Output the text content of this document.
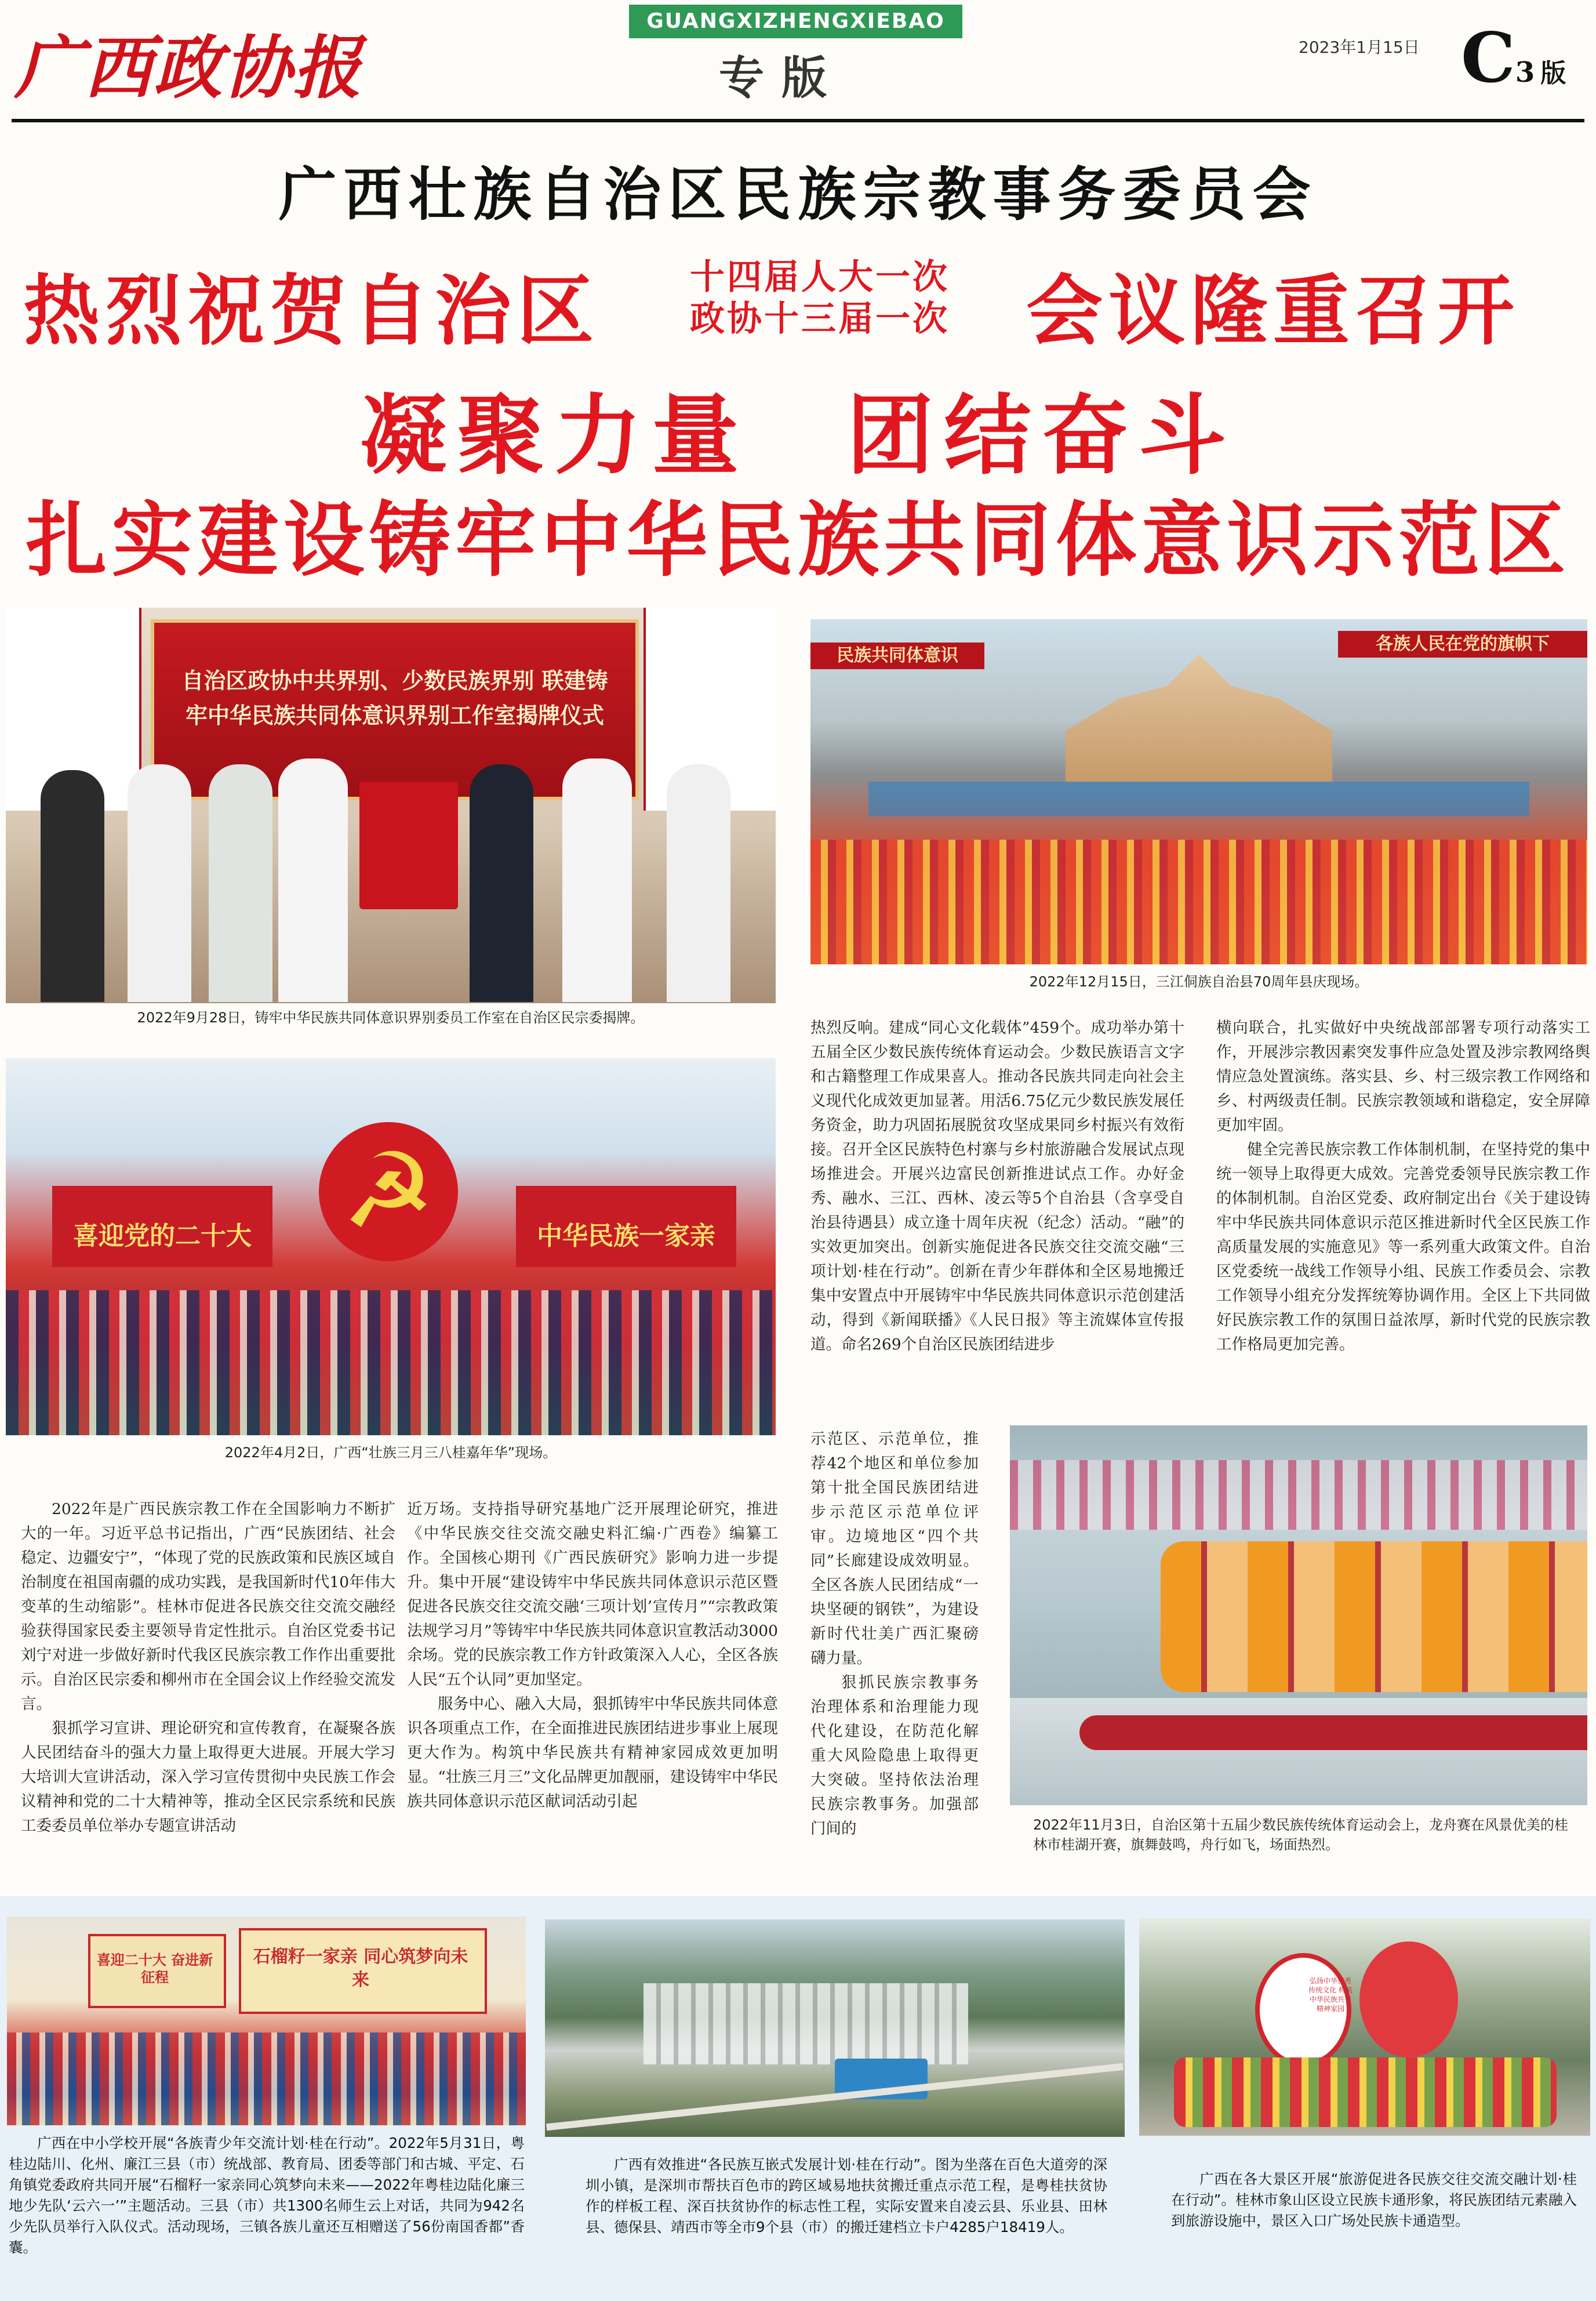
广西政协报
GUANGXIZHENGXIEBAO
专版
2023年1月15日 C3 版
广西壮族自治区民族宗教事务委员会
热烈祝贺自治区	十四届人大一次
政协十三届一次 会议隆重召开
凝聚力量　团结奋斗
扎实建设铸牢中华民族共同体意识示范区
自治区政协中共界别、少数民族界别 联建铸牢中华民族共同体意识界别工作室揭牌仪式
2022年9月28日，铸牢中华民族共同体意识界别委员工作室在自治区民宗委揭牌。
民族共同体意识
各族人民在党的旗帜下
2022年12月15日，三江侗族自治县70周年县庆现场。
☭
喜迎党的二十大	中华民族一家亲
2022年4月2日，广西“壮族三月三八桂嘉年华”现场。
2022年11月3日，自治区第十五届少数民族传统体育运动会上，龙舟赛在风景优美的桂林市桂湖开赛，旗舞鼓鸣，舟行如飞，场面热烈。

2022年是广西民族宗教工作在全国影响力不断扩大的一年。习近平总书记指出，广西“民族团结、社会稳定、边疆安宁”，“体现了党的民族政策和民族区域自治制度在祖国南疆的成功实践，是我国新时代10年伟大变革的生动缩影”。桂林市促进各民族交往交流交融经验获得国家民委主要领导肯定性批示。自治区党委书记刘宁对进一步做好新时代我区民族宗教工作作出重要批示。自治区民宗委和柳州市在全国会议上作经验交流发言。

狠抓学习宣讲、理论研究和宣传教育，在凝聚各族人民团结奋斗的强大力量上取得更大进展。开展大学习大培训大宣讲活动，深入学习宣传贯彻中央民族工作会议精神和党的二十大精神等，推动全区民宗系统和民族工委委员单位举办专题宣讲活动

近万场。支持指导研究基地广泛开展理论研究，推进《中华民族交往交流交融史料汇编·广西卷》编纂工作。全国核心期刊《广西民族研究》影响力进一步提升。集中开展“建设铸牢中华民族共同体意识示范区暨促进各民族交往交流交融‘三项计划’宣传月”“宗教政策法规学习月”等铸牢中华民族共同体意识宣教活动3000余场。党的民族宗教工作方针政策深入人心，全区各族人民“五个认同”更加坚定。

服务中心、融入大局，狠抓铸牢中华民族共同体意识各项重点工作，在全面推进民族团结进步事业上展现更大作为。构筑中华民族共有精神家园成效更加明显。“壮族三月三”文化品牌更加靓丽，建设铸牢中华民族共同体意识示范区献词活动引起

热烈反响。建成“同心文化载体”459个。成功举办第十五届全区少数民族传统体育运动会。少数民族语言文字和古籍整理工作成果喜人。推动各民族共同走向社会主义现代化成效更加显著。用活6.75亿元少数民族发展任务资金，助力巩固拓展脱贫攻坚成果同乡村振兴有效衔接。召开全区民族特色村寨与乡村旅游融合发展试点现场推进会。开展兴边富民创新推进试点工作。办好金秀、融水、三江、西林、凌云等5个自治县（含享受自治县待遇县）成立逢十周年庆祝（纪念）活动。“融”的实效更加突出。创新实施促进各民族交往交流交融“三项计划·桂在行动”。创新在青少年群体和全区易地搬迁集中安置点中开展铸牢中华民族共同体意识示范创建活动，得到《新闻联播》《人民日报》等主流媒体宣传报道。命名269个自治区民族团结进步

示范区、示范单位，推荐42个地区和单位参加第十批全国民族团结进步示范区示范单位评审。边境地区“四个共同”长廊建设成效明显。全区各族人民团结成“一块坚硬的钢铁”，为建设新时代壮美广西汇聚磅礴力量。

狠抓民族宗教事务治理体系和治理能力现代化建设，在防范化解重大风险隐患上取得更大突破。坚持依法治理民族宗教事务。加强部门间的

横向联合，扎实做好中央统战部部署专项行动落实工作，开展涉宗教因素突发事件应急处置及涉宗教网络舆情应急处置演练。落实县、乡、村三级宗教工作网络和乡、村两级责任制。民族宗教领域和谐稳定，安全屏障更加牢固。

健全完善民族宗教工作体制机制，在坚持党的集中统一领导上取得更大成效。完善党委领导民族宗教工作的体制机制。自治区党委、政府制定出台《关于建设铸牢中华民族共同体意识示范区推进新时代全区民族工作高质量发展的实施意见》等一系列重大政策文件。自治区党委统一战线工作领导小组、民族工作委员会、宗教工作领导小组充分发挥统筹协调作用。全区上下共同做好民族宗教工作的氛围日益浓厚，新时代党的民族宗教工作格局更加完善。

喜迎二十大 奋进新征程
石榴籽一家亲 同心筑梦向未来

广西在中小学校开展“各族青少年交流计划·桂在行动”。2022年5月31日，粤桂边陆川、化州、廉江三县（市）统战部、教育局、团委等部门和古城、平定、石角镇党委政府共同开展“石榴籽一家亲同心筑梦向未来——2022年粤桂边陆化廉三地少先队‘云六一’”主题活动。三县（市）共1300名师生云上对话，共同为942名少先队员举行入队仪式。活动现场，三镇各族儿童还互相赠送了56份南国香都”香囊。

广西有效推进“各民族互嵌式发展计划·桂在行动”。图为坐落在百色大道旁的深圳小镇，是深圳市帮扶百色市的跨区域易地扶贫搬迁重点示范工程，是粤桂扶贫协作的样板工程、深百扶贫协作的标志性工程，实际安置来自凌云县、乐业县、田林县、德保县、靖西市等全市9个县（市）的搬迁建档立卡户4285户18419人。

弘扬中华优秀传统文化 构筑中华民族共有精神家园

广西在各大景区开展“旅游促进各民族交往交流交融计划·桂在行动”。桂林市象山区设立民族卡通形象，将民族团结元素融入到旅游设施中，景区入口广场处民族卡通造型。
